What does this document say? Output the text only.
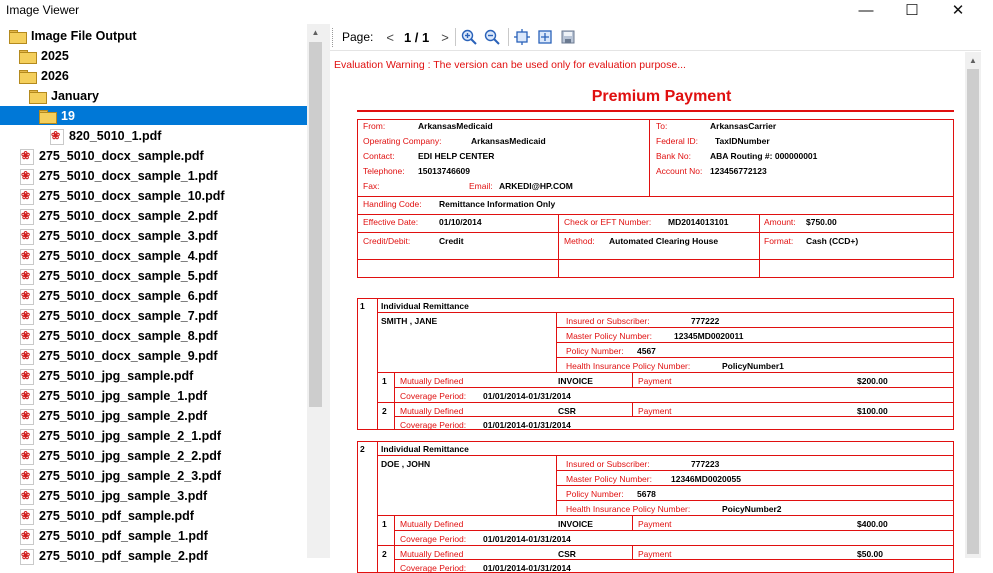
Image Viewer	—	☐	✕
Image File Output
2025
2026
January
19
❀
820_5010_1.pdf
❀
275_5010_docx_sample.pdf
❀
275_5010_docx_sample_1.pdf
❀
275_5010_docx_sample_10.pdf
❀
275_5010_docx_sample_2.pdf
❀
275_5010_docx_sample_3.pdf
❀
275_5010_docx_sample_4.pdf
❀
275_5010_docx_sample_5.pdf
❀
275_5010_docx_sample_6.pdf
❀
275_5010_docx_sample_7.pdf
❀
275_5010_docx_sample_8.pdf
❀
275_5010_docx_sample_9.pdf
❀
275_5010_jpg_sample.pdf
❀
275_5010_jpg_sample_1.pdf
❀
275_5010_jpg_sample_2.pdf
❀
275_5010_jpg_sample_2_1.pdf
❀
275_5010_jpg_sample_2_2.pdf
❀
275_5010_jpg_sample_2_3.pdf
❀
275_5010_jpg_sample_3.pdf
❀
275_5010_pdf_sample.pdf
❀
275_5010_pdf_sample_1.pdf
❀
275_5010_pdf_sample_2.pdf
▲	Page: < 1 / 1 >
Evaluation Warning : The version can be used only for evaluation purpose...
Premium Payment
From:	ArkansasMedicaid
Operating Company:	ArkansasMedicaid
Contact:	EDI HELP CENTER
Telephone: 15013746609
Fax:	Email: ARKEDI@HP.COM
To:	ArkansasCarrier
Federal ID: TaxIDNumber
Bank No: ABA Routing #: 000000001
Account No: 123456772123
Handling Code: Remittance Information Only
Effective Date: 01/10/2014	Check or EFT Number: MD2014013101	Amount: $750.00
Credit/Debit:	Credit	Method: Automated Clearing House	Format: Cash (CCD+)
1 Individual Remittance
SMITH , JANE	Insured or Subscriber:	777222
Master Policy Number:	12345MD0020011
Policy Number: 4567
Health Insurance Policy Number:	PolicyNumber1
1 Mutually Defined	INVOICE	Payment	$200.00
Coverage Period: 01/01/2014-01/31/2014
2 Mutually Defined	CSR	Payment	$100.00
Coverage Period: 01/01/2014-01/31/2014
2 Individual Remittance
DOE , JOHN	Insured or Subscriber:	777223
Master Policy Number: 12346MD0020055
Policy Number: 5678
Health Insurance Policy Number:	PoicyNumber2
1 Mutually Defined	INVOICE	Payment	$400.00
Coverage Period: 01/01/2014-01/31/2014
2 Mutually Defined	CSR	Payment	$50.00
Coverage Period: 01/01/2014-01/31/2014
▲
